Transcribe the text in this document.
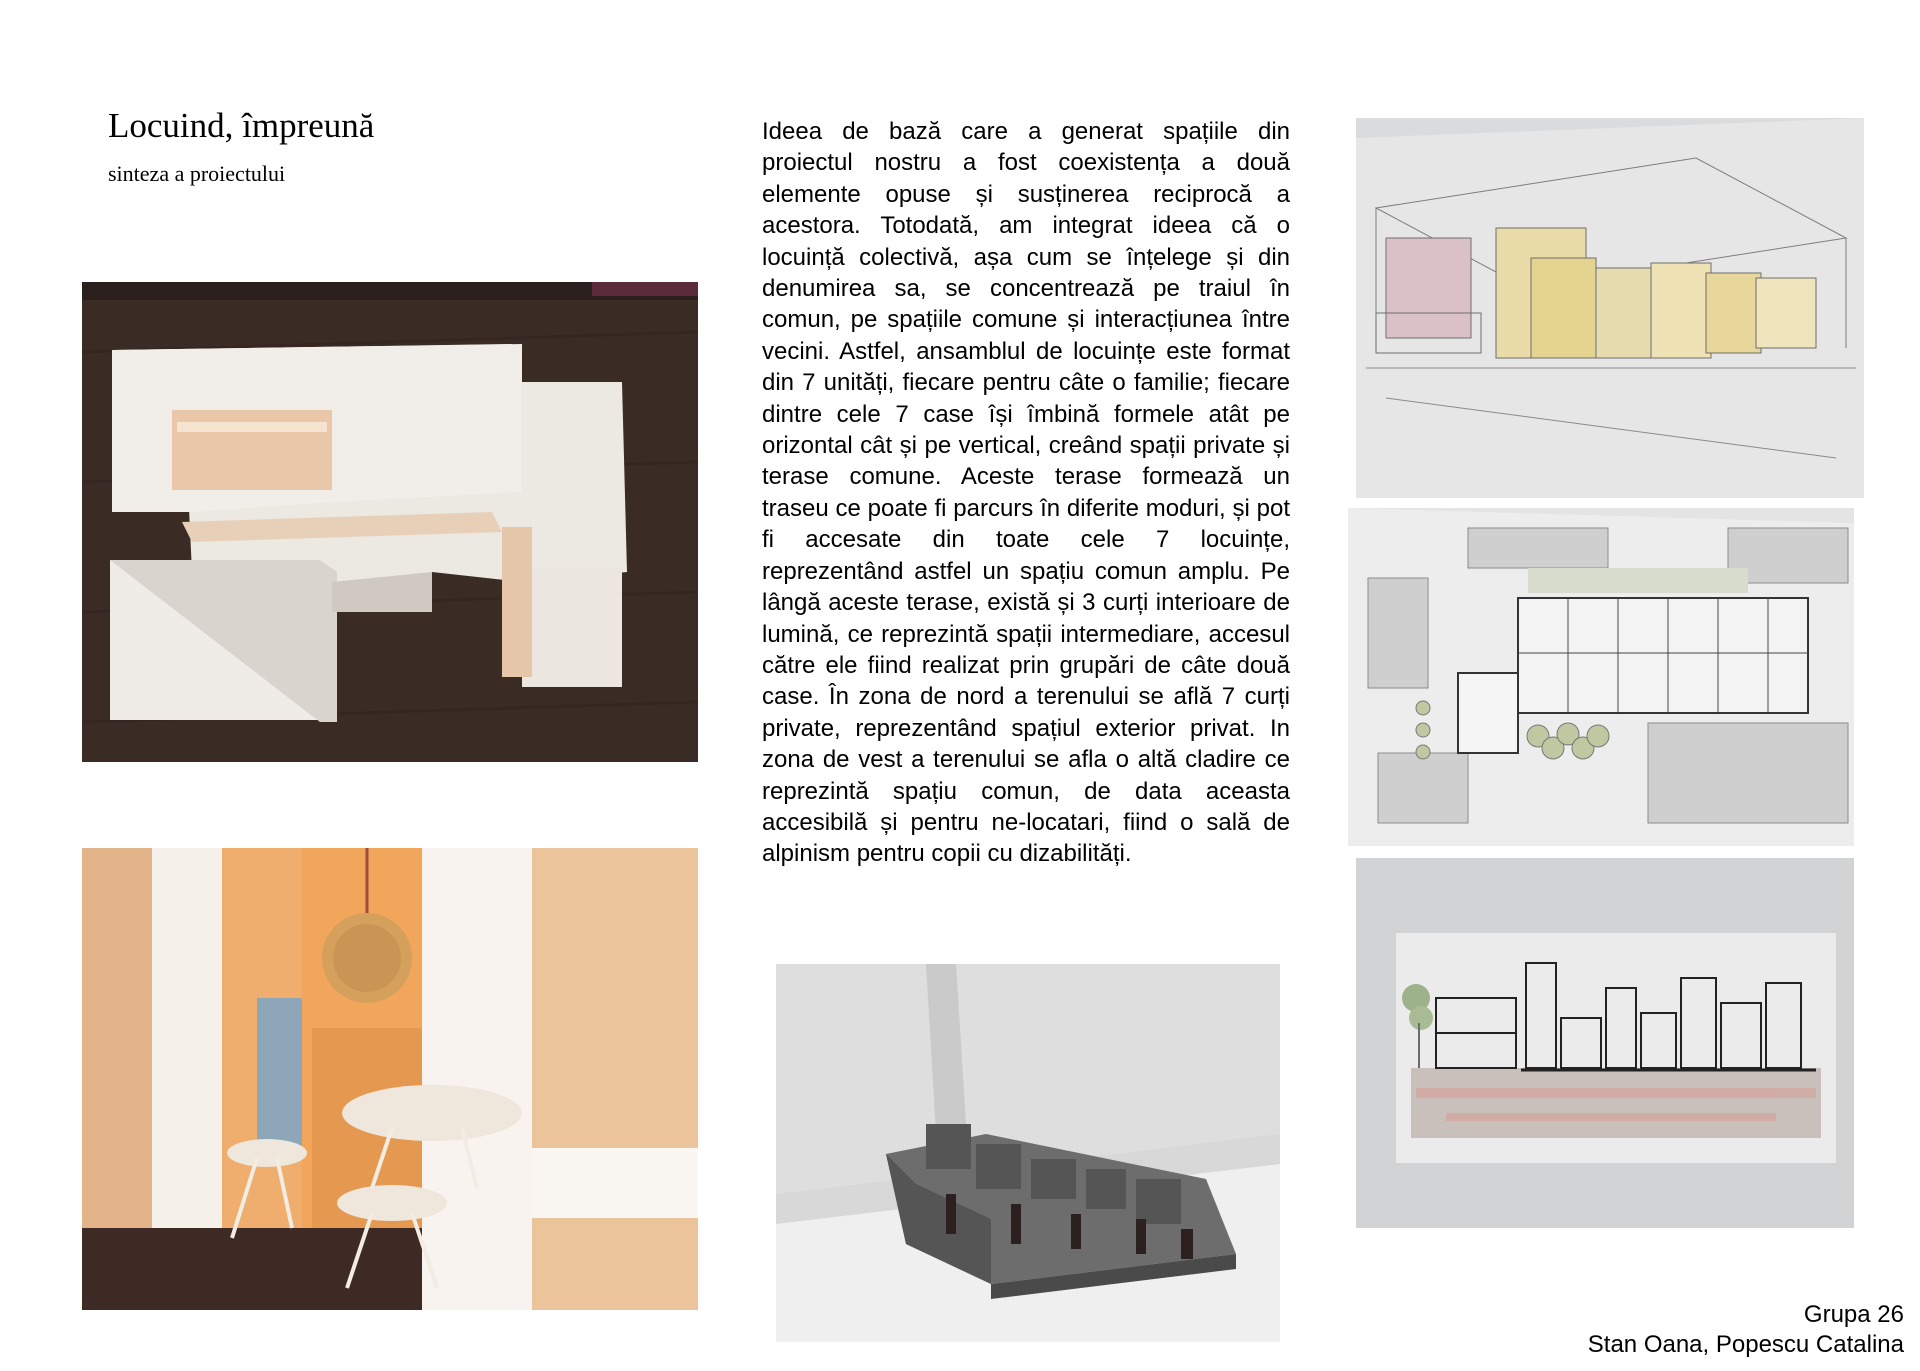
Locuind, împreună
sinteza a proiectului

Ideea de bază care a generat spațiile din proiectul nostru a fost coexistența a două elemente opuse și susținerea reciprocă a acestora. Totodată, am integrat ideea că o locuință colectivă, așa cum se înțelege și din denumirea sa, se concentrează pe traiul în comun, pe spațiile comune și interacțiunea între vecini. Astfel, ansamblul de locuințe este format din 7 unități, fiecare pentru câte o familie; fiecare dintre cele 7 case își îmbină formele atât pe orizontal cât și pe vertical, creând spații private și terase comune. Aceste terase formează un traseu ce poate fi parcurs în diferite moduri, și pot fi accesate din toate cele 7 locuințe, reprezentând astfel un spațiu comun amplu. Pe lângă aceste terase, există și 3 curți interioare de lumină, ce reprezintă spații intermediare, accesul către ele fiind realizat prin grupări de câte două case. În zona de nord a terenului se află 7 curți private, reprezentând spațiul exterior privat. In zona de vest a terenului se afla o altă cladire ce reprezintă spațiu comun, de data aceasta accesibilă și pentru ne-locatari, fiind o sală de alpinism pentru copii cu dizabilități.

Grupa 26
Stan Oana, Popescu Catalina
